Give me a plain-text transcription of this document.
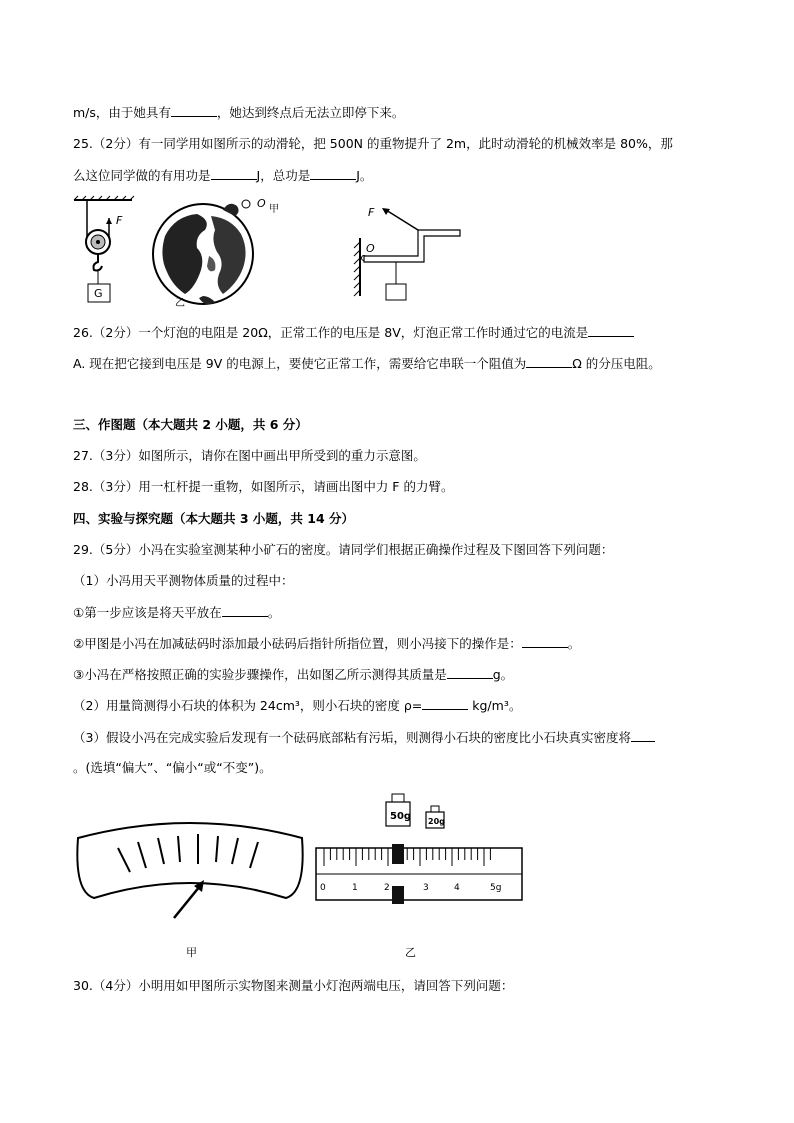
m/s，由于她具有	，她达到终点后无法立即停下来。
25.（2分）有一同学用如图所示的动滑轮，把 500N 的重物提升了 2m，此时动滑轮的机械效率是 80%，那
么这位同学做的有用功是	J，总功是	J。
F
G
O 甲
乙
O
F
26.（2分）一个灯泡的电阻是 20Ω，正常工作的电压是 8V，灯泡正常工作时通过它的电流是
A. 现在把它接到电压是 9V 的电源上，要使它正常工作，需要给它串联一个阻值为	Ω 的分压电阻。
三、作图题（本大题共 2 小题，共 6 分）
27.（3分）如图所示，请你在图中画出甲所受到的重力示意图。
28.（3分）用一杠杆提一重物，如图所示，请画出图中力 F 的力臂。
四、实验与探究题（本大题共 3 小题，共 14 分）
29.（5分）小冯在实验室测某种小矿石的密度。请同学们根据正确操作过程及下图回答下列问题：
（1）小冯用天平测物体质量的过程中：
①第一步应该是将天平放在	。
②甲图是小冯在加减砝码时添加最小砝码后指针所指位置，则小冯接下的操作是：	。
③小冯在严格按照正确的实验步骤操作，出如图乙所示测得其质量是	g。
（2）用量筒测得小石块的体积为 24cm³，则小石块的密度 ρ=	kg/m³。
（3）假设小冯在完成实验后发现有一个砝码底部粘有污垢，则测得小石块的密度比小石块真实密度将
。(选填“偏大”、“偏小“或“不变”)。
50g 20g
0	1	2	3	4	5g
甲	乙
30.（4分）小明用如甲图所示实物图来测量小灯泡两端电压，请回答下列问题：
